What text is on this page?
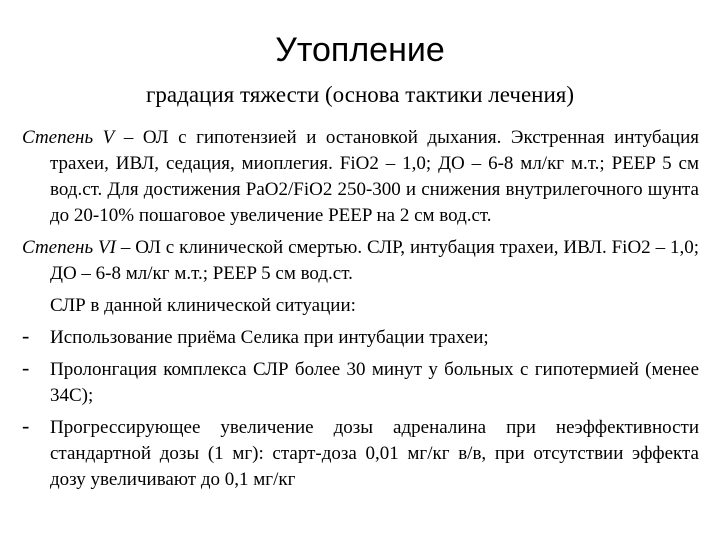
Утопление
градация тяжести (основа тактики лечения)

Степень V – ОЛ с гипотензией и остановкой дыхания. Экстренная интубация трахеи, ИВЛ, седация, миоплегия. FiO2 – 1,0; ДО – 6-8 мл/кг м.т.; PEEP 5 см вод.ст. Для достижения PaO2/FiO2 250-300 и снижения внутрилегочного шунта до 20-10% пошаговое увеличение PEEP на 2 см вод.ст.

Степень VI – ОЛ с клинической смертью. СЛР, интубация трахеи, ИВЛ. FiO2 – 1,0; ДО – 6-8 мл/кг м.т.; PEEP 5 см вод.ст.

СЛР в данной клинической ситуации:
-	Использование приёма Селика при интубации трахеи;
-	Пролонгация комплекса СЛР более 30 минут у больных с гипотермией (менее 34С);
-	Прогрессирующее увеличение дозы адреналина при неэффективности стандартной дозы (1 мг): старт-доза 0,01 мг/кг в/в, при отсутствии эффекта дозу увеличивают до 0,1 мг/кг
